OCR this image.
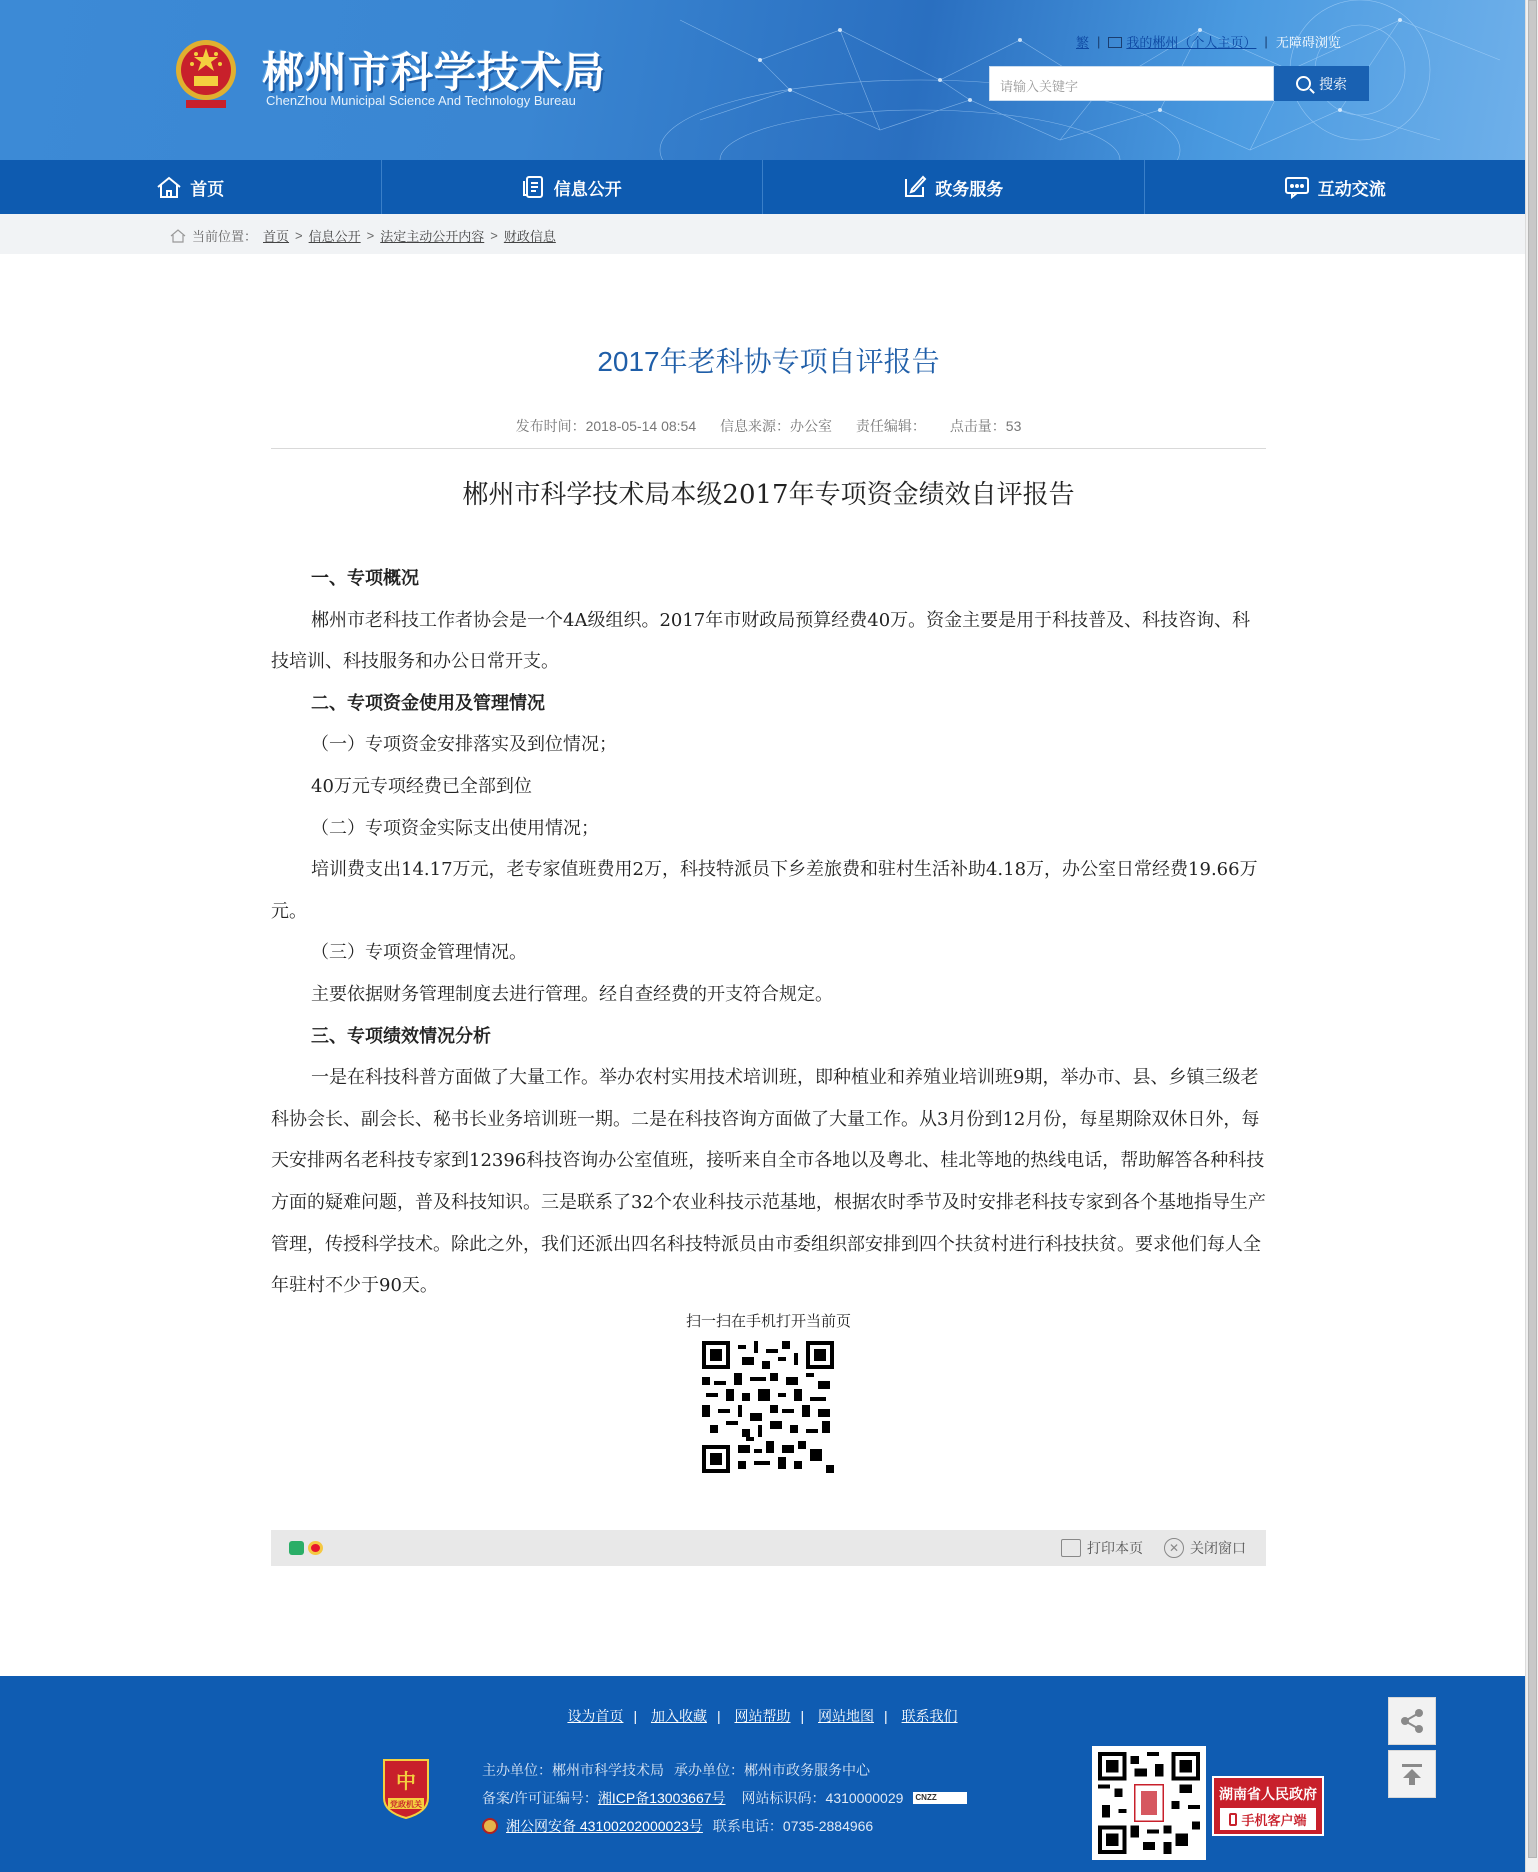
郴州市科学技术局
ChenZhou Municipal Science And Technology Bureau
繁 | 我的郴州（个人主页） | 无障碍浏览
请输入关键字	搜索
首页	信息公开	政务服务	互动交流
当前位置： 首页 > 信息公开 > 法定主动公开内容 > 财政信息
2017年老科协专项自评报告
发布时间：2018-05-14 08:54 信息来源：办公室 责任编辑： 点击量：53
郴州市科学技术局本级2017年专项资金绩效自评报告

一、专项概况

郴州市老科技工作者协会是一个4A级组织。2017年市财政局预算经费40万。资金主要是用于科技普及、科技咨询、科技培训、科技服务和办公日常开支。

二、专项资金使用及管理情况

（一）专项资金安排落实及到位情况；

40万元专项经费已全部到位

（二）专项资金实际支出使用情况；

培训费支出14.17万元，老专家值班费用2万，科技特派员下乡差旅费和驻村生活补助4.18万，办公室日常经费19.66万元。

（三）专项资金管理情况。

主要依据财务管理制度去进行管理。经自查经费的开支符合规定。

三、专项绩效情况分析

一是在科技科普方面做了大量工作。举办农村实用技术培训班，即种植业和养殖业培训班9期，举办市、县、乡镇三级老科协会长、副会长、秘书长业务培训班一期。二是在科技咨询方面做了大量工作。从3月份到12月份，每星期除双休日外，每天安排两名老科技专家到12396科技咨询办公室值班，接听来自全市各地以及粤北、桂北等地的热线电话，帮助解答各种科技方面的疑难问题，普及科技知识。三是联系了32个农业科技示范基地，根据农时季节及时安排老科技专家到各个基地指导生产管理，传授科学技术。除此之外，我们还派出四名科技特派员由市委组织部安排到四个扶贫村进行科技扶贫。要求他们每人全年驻村不少于90天。

扫一扫在手机打开当前页
打印本页	✕ 关闭窗口
设为首页 | 加入收藏 | 网站帮助 | 网站地图 | 联系我们
中
党政机关
主办单位：郴州市科学技术局 承办单位：郴州市政务服务中心
备案/许可证编号： 湘ICP备13003667号 网站标识码：4310000029
CNZZ
湘公网安备 43100202000023号 联系电话：0735-2884966
湖南省人民政府
手机客户端
